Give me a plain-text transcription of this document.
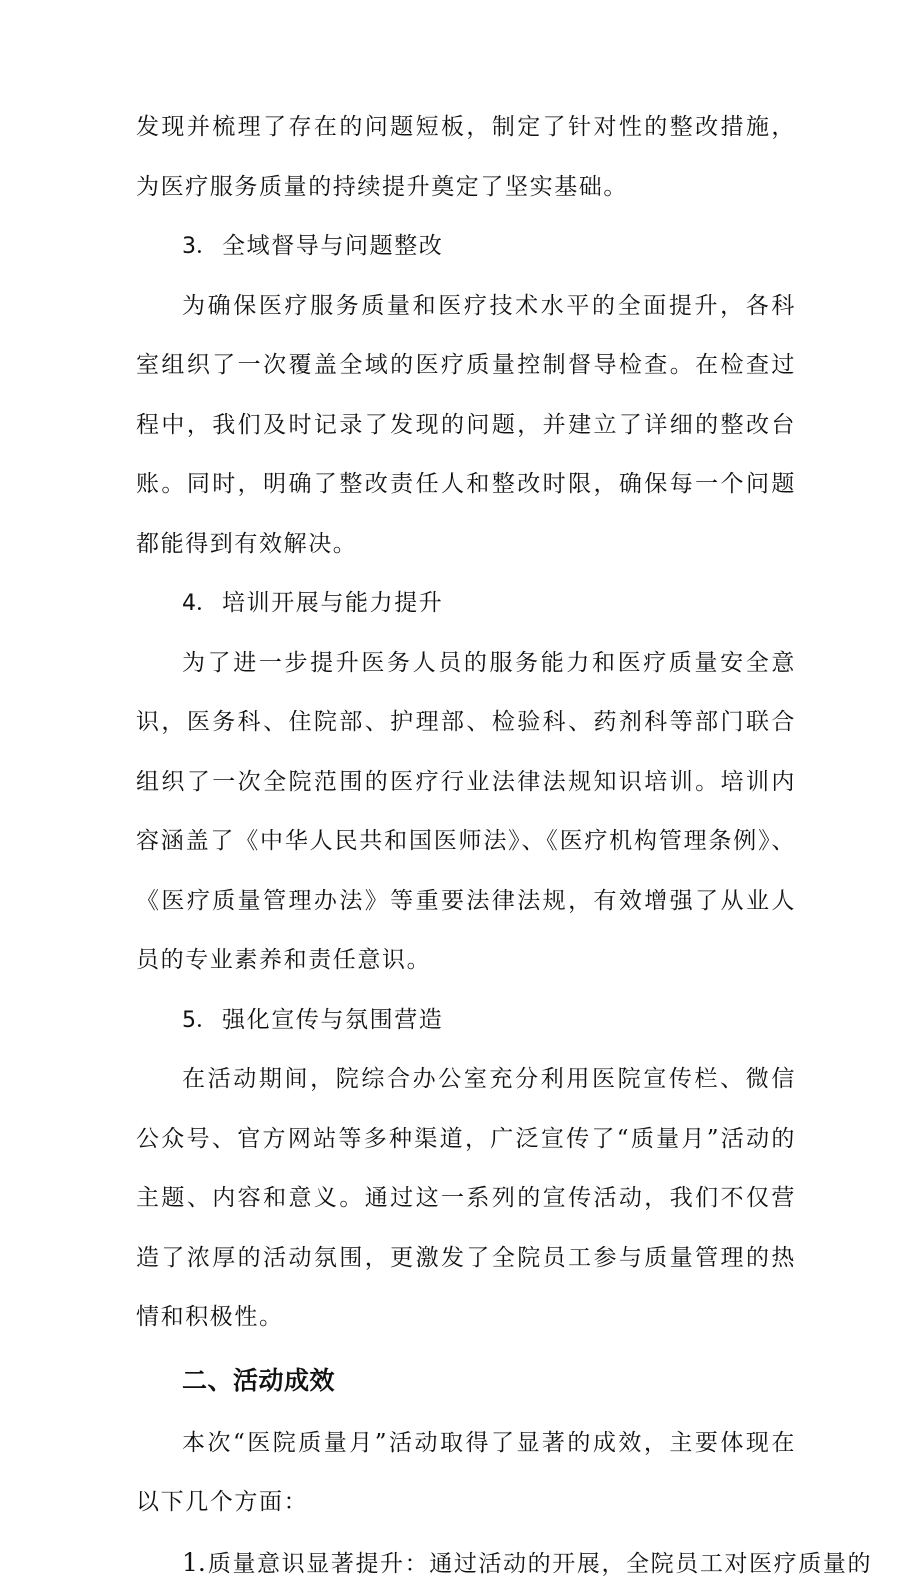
发现并梳理了存在的问题短板，制定了针对性的整改措施，为医疗服务质量的持续提升奠定了坚实基础。

3． 全域督导与问题整改

为确保医疗服务质量和医疗技术水平的全面提升，各科室组织了一次覆盖全域的医疗质量控制督导检查。在检查过程中，我们及时记录了发现的问题，并建立了详细的整改台账。同时，明确了整改责任人和整改时限，确保每一个问题都能得到有效解决。

4． 培训开展与能力提升

为了进一步提升医务人员的服务能力和医疗质量安全意识，医务科、住院部、护理部、检验科、药剂科等部门联合组织了一次全院范围的医疗行业法律法规知识培训。培训内容涵盖了《中华人民共和国医师法》、《医疗机构管理条例》、《医疗质量管理办法》等重要法律法规，有效增强了从业人员的专业素养和责任意识。

5． 强化宣传与氛围营造

在活动期间，院综合办公室充分利用医院宣传栏、微信公众号、官方网站等多种渠道，广泛宣传了“质量月”活动的主题、内容和意义。通过这一系列的宣传活动，我们不仅营造了浓厚的活动氛围，更激发了全院员工参与质量管理的热情和积极性。

二、活动成效

本次“医院质量月”活动取得了显著的成效，主要体现在以下几个方面：

1.质量意识显著提升：通过活动的开展，全院员工对医疗质量的
